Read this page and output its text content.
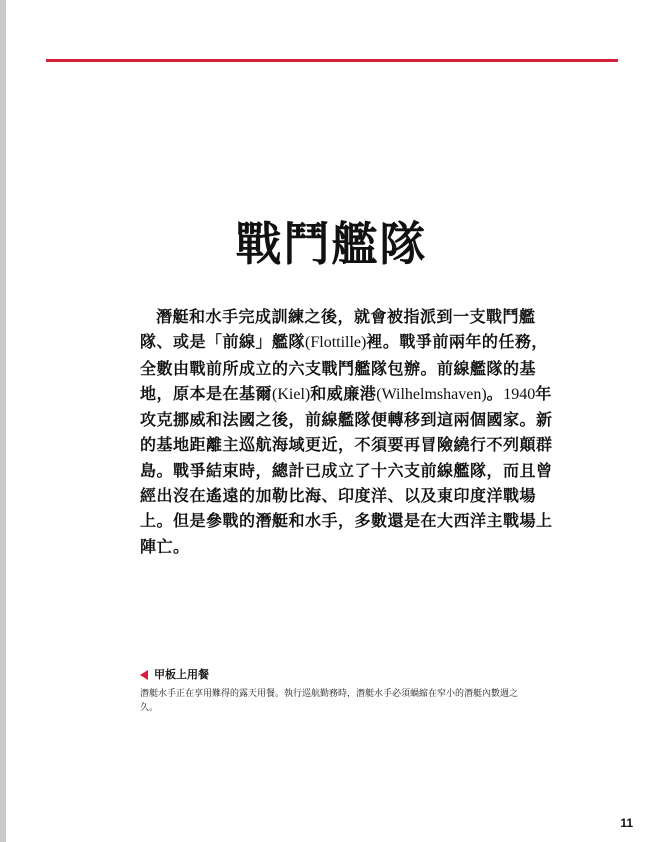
戰鬥艦隊
潛艇和水手完成訓練之後，就會被指派到一支戰鬥艦
隊、或是「前線」艦隊(Flottille)裡。戰爭前兩年的任務，
全數由戰前所成立的六支戰鬥艦隊包辦。前線艦隊的基
地，原本是在基爾(Kiel)和威廉港(Wilhelmshaven)。1940年
攻克挪威和法國之後，前線艦隊便轉移到這兩個國家。新
的基地距離主巡航海域更近，不須要再冒險繞行不列顛群
島。戰爭結束時，總計已成立了十六支前線艦隊，而且曾
經出沒在遙遠的加勒比海、印度洋、以及東印度洋戰場
上。但是參戰的潛艇和水手，多數還是在大西洋主戰場上
陣亡。
甲板上用餐
潛艇水手正在享用難得的露天用餐。執行巡航勤務時，潛艇水手必須蝸縮在窄小的潛艇內數週之
久。
11
